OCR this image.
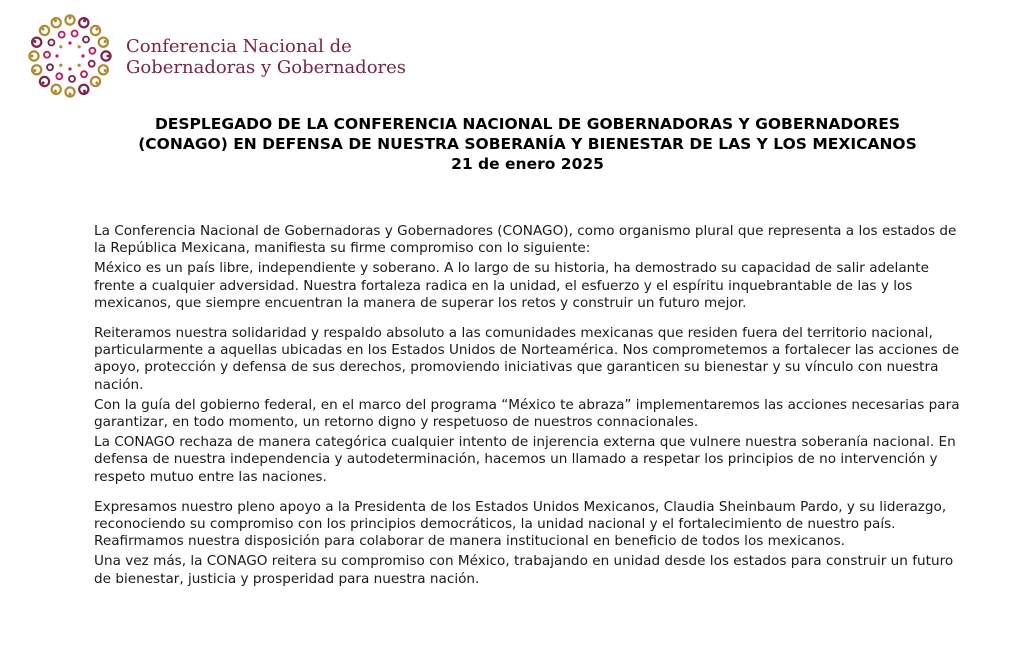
Conferencia Nacional de
Gobernadoras y Gobernadores
DESPLEGADO DE LA CONFERENCIA NACIONAL DE GOBERNADORAS Y GOBERNADORES
(CONAGO) EN DEFENSA DE NUESTRA SOBERANÍA Y BIENESTAR DE LAS Y LOS MEXICANOS
21 de enero 2025

La Conferencia Nacional de Gobernadoras y Gobernadores (CONAGO), como organismo plural que representa a los estados de la República Mexicana, manifiesta su firme compromiso con lo siguiente:

México es un país libre, independiente y soberano. A lo largo de su historia, ha demostrado su capacidad de salir adelante frente a cualquier adversidad. Nuestra fortaleza radica en la unidad, el esfuerzo y el espíritu inquebrantable de las y los mexicanos, que siempre encuentran la manera de superar los retos y construir un futuro mejor.

Reiteramos nuestra solidaridad y respaldo absoluto a las comunidades mexicanas que residen fuera del territorio nacional, particularmente a aquellas ubicadas en los Estados Unidos de Norteamérica. Nos comprometemos a fortalecer las acciones de apoyo, protección y defensa de sus derechos, promoviendo iniciativas que garanticen su bienestar y su vínculo con nuestra nación.

Con la guía del gobierno federal, en el marco del programa “México te abraza” implementaremos las acciones necesarias para garantizar, en todo momento, un retorno digno y respetuoso de nuestros connacionales.

La CONAGO rechaza de manera categórica cualquier intento de injerencia externa que vulnere nuestra soberanía nacional. En defensa de nuestra independencia y autodeterminación, hacemos un llamado a respetar los principios de no intervención y respeto mutuo entre las naciones.

Expresamos nuestro pleno apoyo a la Presidenta de los Estados Unidos Mexicanos, Claudia Sheinbaum Pardo, y su liderazgo, reconociendo su compromiso con los principios democráticos, la unidad nacional y el fortalecimiento de nuestro país. Reafirmamos nuestra disposición para colaborar de manera institucional en beneficio de todos los mexicanos.

Una vez más, la CONAGO reitera su compromiso con México, trabajando en unidad desde los estados para construir un futuro de bienestar, justicia y prosperidad para nuestra nación.
